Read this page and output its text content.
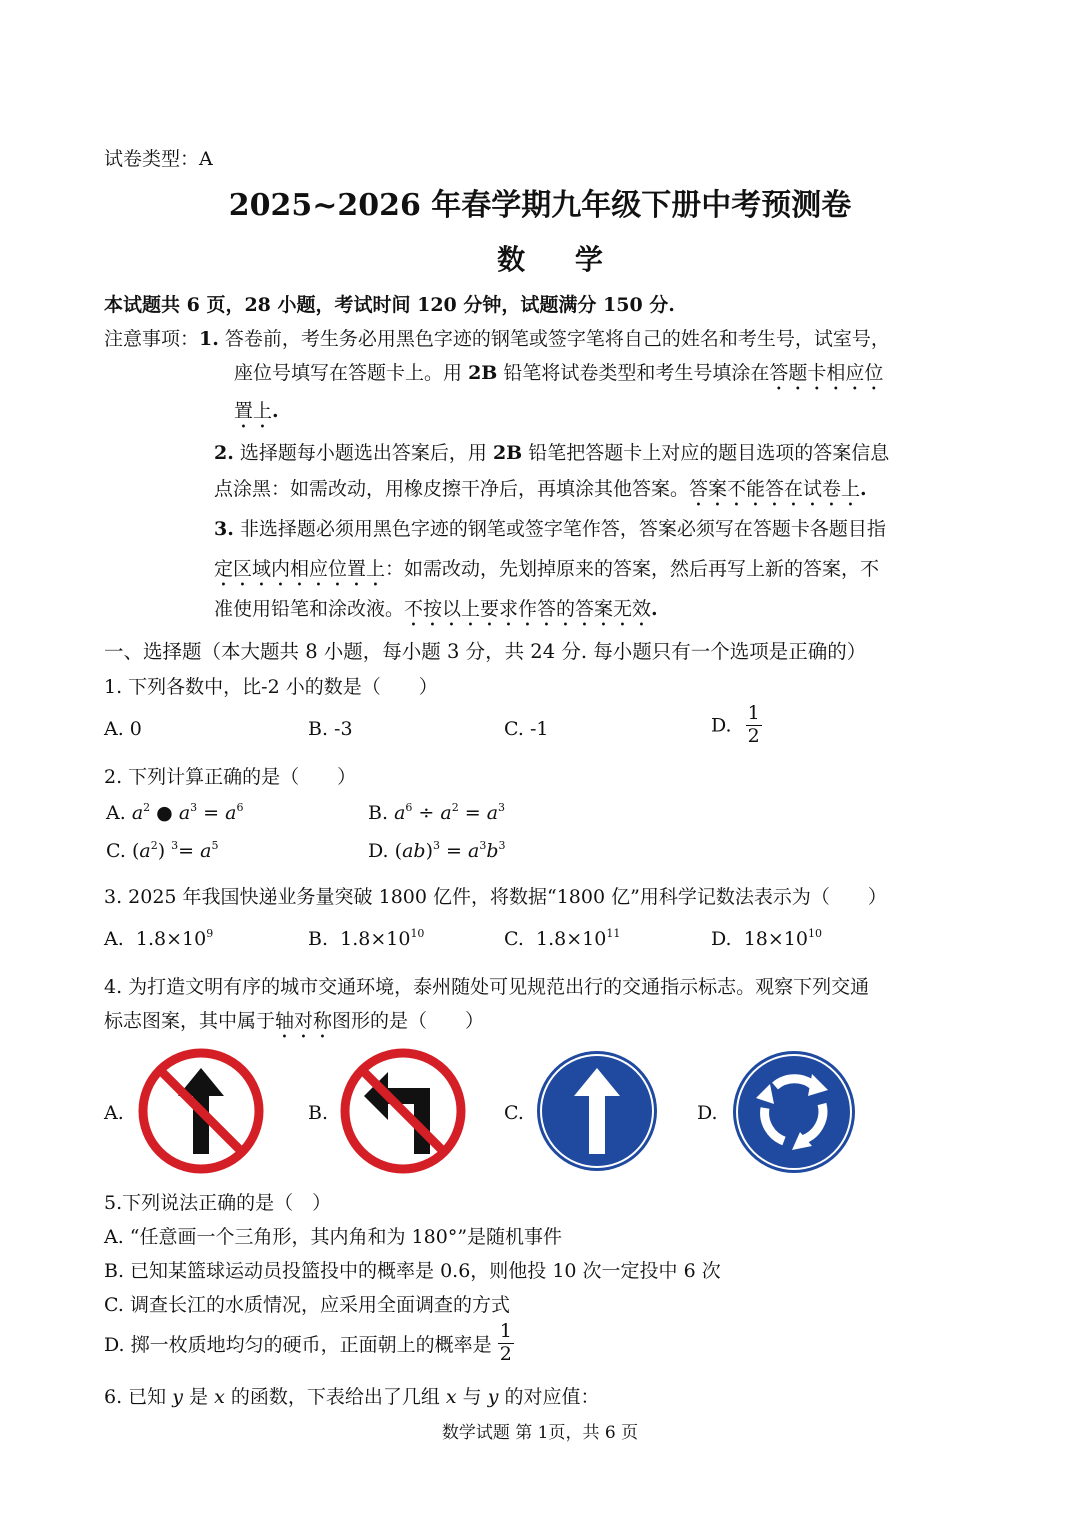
试卷类型：A
2025~2026 年春学期九年级下册中考预测卷
数 学
本试题共 6 页，28 小题，考试时间 120 分钟，试题满分 150 分.
注意事项：1. 答卷前，考生务必用黑色字迹的钢笔或签字笔将自己的姓名和考生号，试室号，
座位号填写在答题卡上。用 2B 铅笔将试卷类型和考生号填涂在答题卡相应位
置上.
2. 选择题每小题选出答案后，用 2B 铅笔把答题卡上对应的题目选项的答案信息
点涂黑：如需改动，用橡皮擦干净后，再填涂其他答案。答案不能答在试卷上.
3. 非选择题必须用黑色字迹的钢笔或签字笔作答，答案必须写在答题卡各题目指
定区域内相应位置上：如需改动，先划掉原来的答案，然后再写上新的答案，不
准使用铅笔和涂改液。不按以上要求作答的答案无效.
一、选择题（本大题共 8 小题，每小题 3 分，共 24 分. 每小题只有一个选项是正确的）
1. 下列各数中，比-2 小的数是（　　）
A. 0	B. -3	C. -1	D. $\frac{1}{2}$
2. 下列计算正确的是（　　）
A. $a^2$ ● $a^3 = a^6$	B. $a^6 \div a^2 = a^3$
C. $(a^2)$ $^3= a^5$	D. $(ab)^3 = a^3b^3$
3. 2025 年我国快递业务量突破 1800 亿件，将数据“1800 亿”用科学记数法表示为（　　）
A. $1.8\times 10^9$	B. $1.8\times 10^{10}$	C. $1.8\times 10^{11}$	D. $18\times 10^{10}$
4. 为打造文明有序的城市交通环境，泰州随处可见规范出行的交通指示标志。观察下列交通
标志图案，其中属于轴对称图形的是（　　）
A.	B.	C.	D.
5.下列说法正确的是（　）
A. “任意画一个三角形，其内角和为 180°”是随机事件
B. 已知某篮球运动员投篮投中的概率是 0.6，则他投 10 次一定投中 6 次
C. 调查长江的水质情况，应采用全面调查的方式
D. 掷一枚质地均匀的硬币，正面朝上的概率是 $\frac{1}{2}$
6. 已知 y 是 x 的函数，下表给出了几组 x 与 y 的对应值：
数学试题 第 1页，共 6 页
